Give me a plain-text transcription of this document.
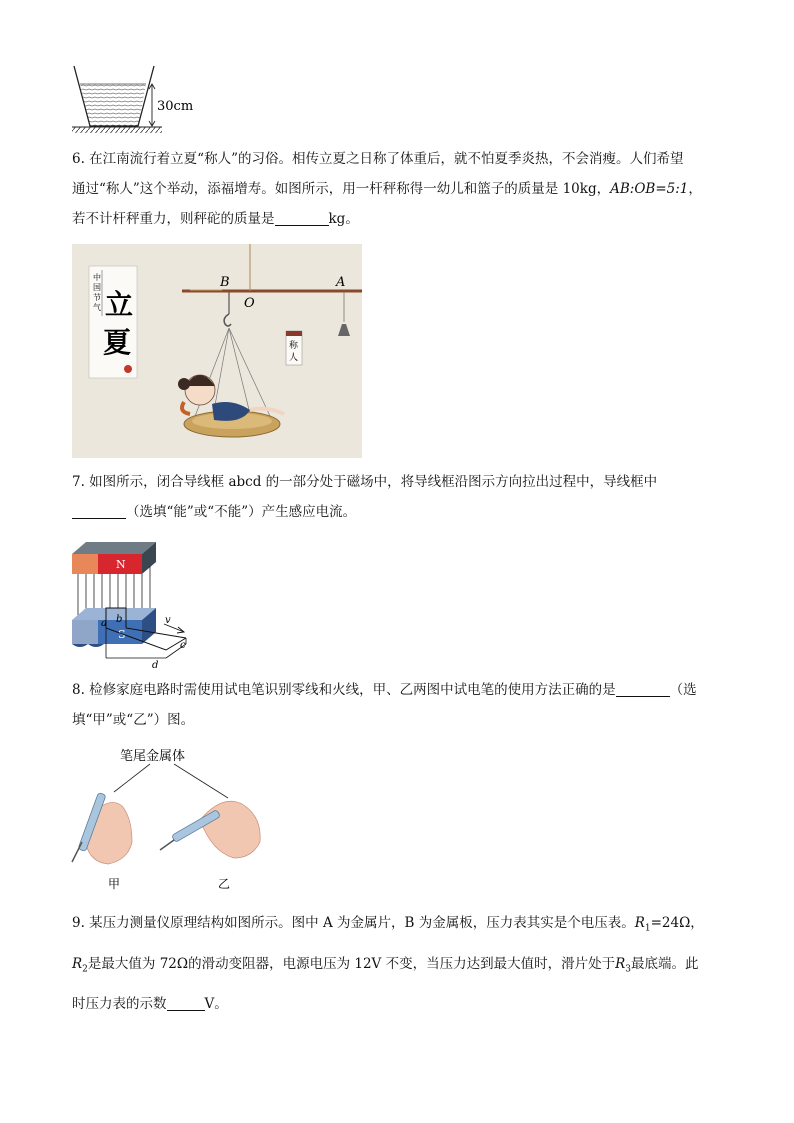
30cm
6. 在江南流行着立夏“称人”的习俗。相传立夏之日称了体重后，就不怕夏季炎热，不会消瘦。人们希望
通过“称人”这个举动，添福增寿。如图所示，用一杆秤称得一幼儿和篮子的质量是 10kg，AB:OB=5:1，
若不计杆秤重力，则秤砣的质量是	kg。
中
国
节
气 立
夏
B
O
A
称
人
7. 如图所示，闭合导线框 abcd 的一部分处于磁场中，将导线框沿图示方向拉出过程中，导线框中
（选填“能”或“不能”）产生感应电流。
N
S
a b
c
d
v
8. 检修家庭电路时需使用试电笔识别零线和火线，甲、乙两图中试电笔的使用方法正确的是	（选
填“甲”或“乙”）图。
笔尾金属体
甲	乙
9. 某压力测量仪原理结构如图所示。图中 A 为金属片，B 为金属板，压力表其实是个电压表。$R_1=24\Omega$，
$R_2$是最大值为 72Ω的滑动变阻器，电源电压为 12V 不变，当压力达到最大值时，滑片处于$R_3$最底端。此
时压力表的示数	V。
